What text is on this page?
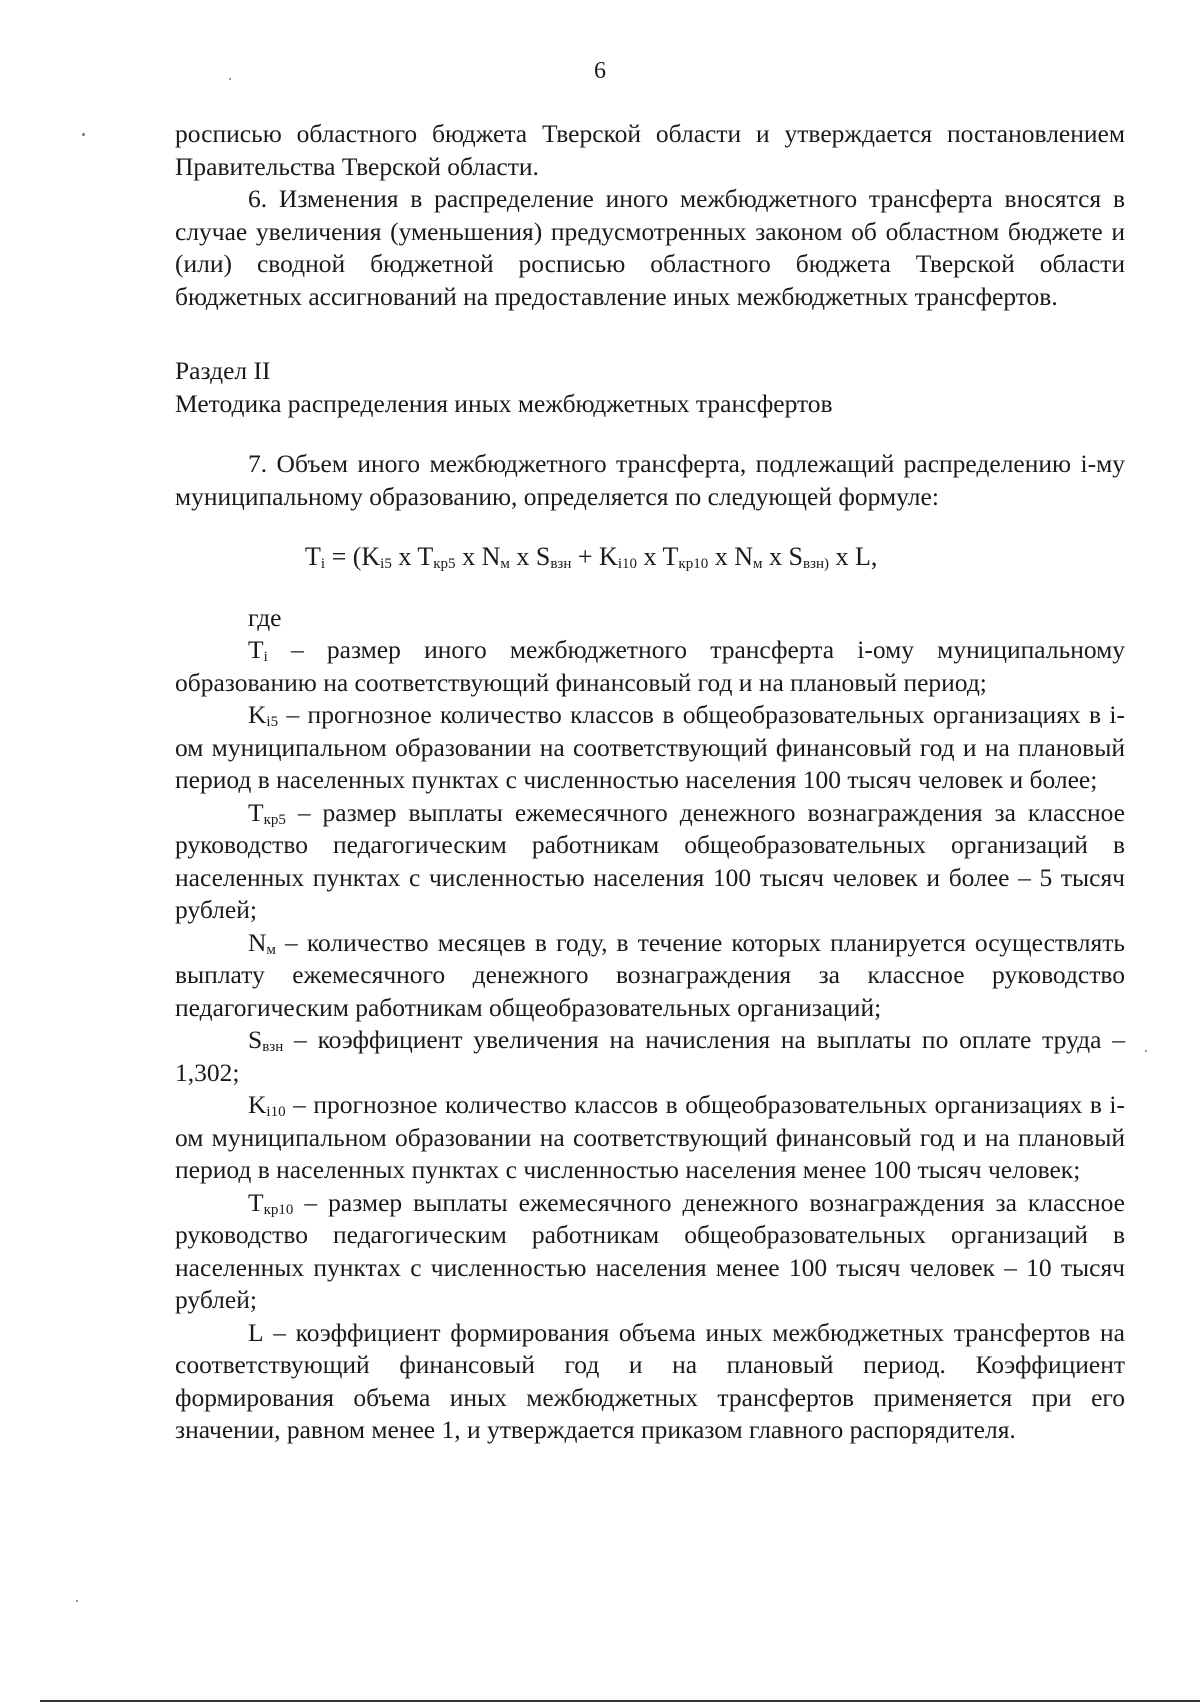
6

росписью областного бюджета Тверской области и утверждается постановлением Правительства Тверской области.

6. Изменения в распределение иного межбюджетного трансферта вносятся в случае увеличения (уменьшения) предусмотренных законом об областном бюджете и (или) сводной бюджетной росписью областного бюджета Тверской области бюджетных ассигнований на предоставление иных межбюджетных трансфертов.

Раздел II

Методика распределения иных межбюджетных трансфертов

7. Объем иного межбюджетного трансферта, подлежащий распределению i-му муниципальному образованию, определяется по следующей формуле:

$T_i = (K_{i5}$ x $T_{кр5}$ x $N_м$ x $S_{взн} + K_{i10}$ x $T_{кр10}$ x $N_м$ x $S_{взн)}$ x L,

где

$T_i$ – размер иного межбюджетного трансферта i-ому муниципальному образованию на соответствующий финансовый год и на плановый период;

$K_{i5}$ – прогнозное количество классов в общеобразовательных организациях в i-ом муниципальном образовании на соответствующий финансовый год и на плановый период в населенных пунктах с численностью населения 100 тысяч человек и более;

$T_{кр5}$ – размер выплаты ежемесячного денежного вознаграждения за классное руководство педагогическим работникам общеобразовательных организаций в населенных пунктах с численностью населения 100 тысяч человек и более – 5 тысяч рублей;

$N_м$ – количество месяцев в году, в течение которых планируется осуществлять выплату ежемесячного денежного вознаграждения за классное руководство педагогическим работникам общеобразовательных организаций;

$S_{взн}$ – коэффициент увеличения на начисления на выплаты по оплате труда – 1,302;

$K_{i10}$ – прогнозное количество классов в общеобразовательных организациях в i-ом муниципальном образовании на соответствующий финансовый год и на плановый период в населенных пунктах с численностью населения менее 100 тысяч человек;

$T_{кр10}$ – размер выплаты ежемесячного денежного вознаграждения за классное руководство педагогическим работникам общеобразовательных организаций в населенных пунктах с численностью населения менее 100 тысяч человек – 10 тысяч рублей;

L – коэффициент формирования объема иных межбюджетных трансфертов на соответствующий финансовый год и на плановый период. Коэффициент формирования объема иных межбюджетных трансфертов применяется при его значении, равном менее 1, и утверждается приказом главного распорядителя.
